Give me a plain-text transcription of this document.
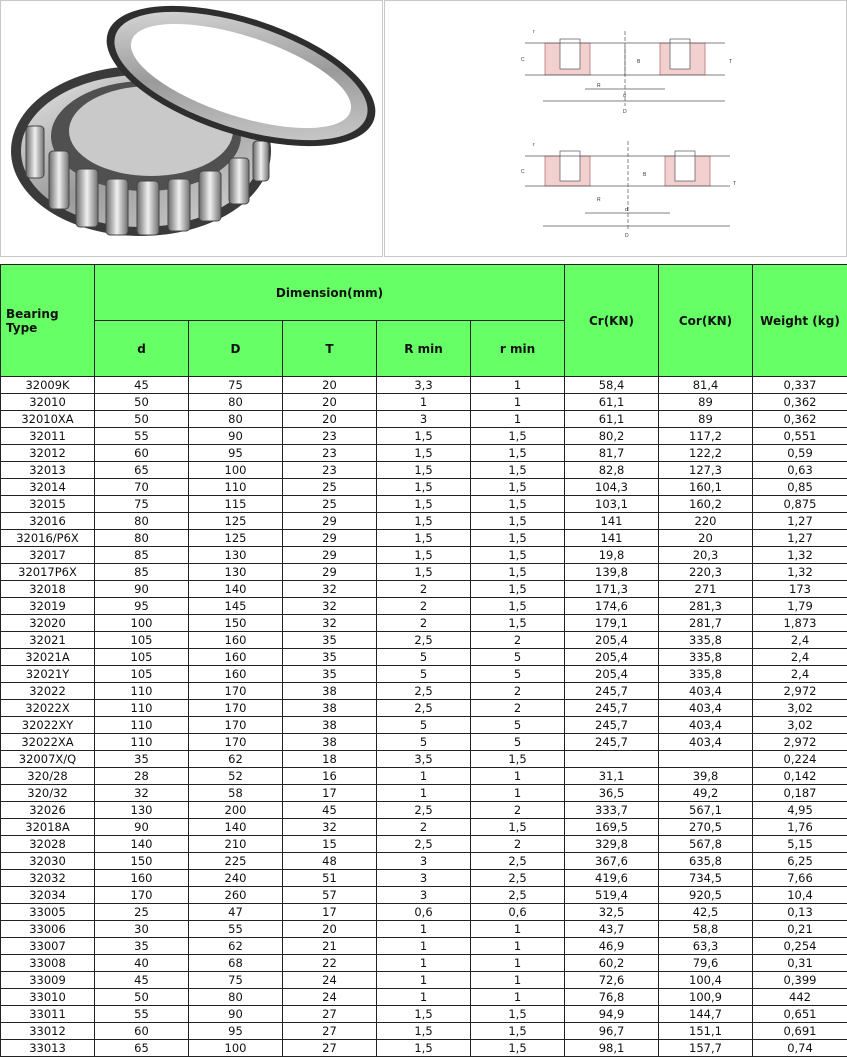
r
C	B	T
R
d
D
r
C	B
T
R
d
D
Bearing Type	Dimension(mm)					Cr(KN)	Cor(KN)	Weight (kg)
	d	D	T	R min	r min			
32009K	45	75	20	3,3	1	58,4	81,4	0,337
32010	50	80	20	1	1	61,1	89	0,362
32010XA	50	80	20	3	1	61,1	89	0,362
32011	55	90	23	1,5	1,5	80,2	117,2	0,551
32012	60	95	23	1,5	1,5	81,7	122,2	0,59
32013	65	100	23	1,5	1,5	82,8	127,3	0,63
32014	70	110	25	1,5	1,5	104,3	160,1	0,85
32015	75	115	25	1,5	1,5	103,1	160,2	0,875
32016	80	125	29	1,5	1,5	141	220	1,27
32016/P6X	80	125	29	1,5	1,5	141	20	1,27
32017	85	130	29	1,5	1,5	19,8	20,3	1,32
32017P6X	85	130	29	1,5	1,5	139,8	220,3	1,32
32018	90	140	32	2	1,5	171,3	271	173
32019	95	145	32	2	1,5	174,6	281,3	1,79
32020	100	150	32	2	1,5	179,1	281,7	1,873
32021	105	160	35	2,5	2	205,4	335,8	2,4
32021A	105	160	35	5	5	205,4	335,8	2,4
32021Y	105	160	35	5	5	205,4	335,8	2,4
32022	110	170	38	2,5	2	245,7	403,4	2,972
32022X	110	170	38	2,5	2	245,7	403,4	3,02
32022XY	110	170	38	5	5	245,7	403,4	3,02
32022XA	110	170	38	5	5	245,7	403,4	2,972
32007X/Q	35	62	18	3,5	1,5			0,224
320/28	28	52	16	1	1	31,1	39,8	0,142
320/32	32	58	17	1	1	36,5	49,2	0,187
32026	130	200	45	2,5	2	333,7	567,1	4,95
32018A	90	140	32	2	1,5	169,5	270,5	1,76
32028	140	210	15	2,5	2	329,8	567,8	5,15
32030	150	225	48	3	2,5	367,6	635,8	6,25
32032	160	240	51	3	2,5	419,6	734,5	7,66
32034	170	260	57	3	2,5	519,4	920,5	10,4
33005	25	47	17	0,6	0,6	32,5	42,5	0,13
33006	30	55	20	1	1	43,7	58,8	0,21
33007	35	62	21	1	1	46,9	63,3	0,254
33008	40	68	22	1	1	60,2	79,6	0,31
33009	45	75	24	1	1	72,6	100,4	0,399
33010	50	80	24	1	1	76,8	100,9	442
33011	55	90	27	1,5	1,5	94,9	144,7	0,651
33012	60	95	27	1,5	1,5	96,7	151,1	0,691
33013	65	100	27	1,5	1,5	98,1	157,7	0,74
